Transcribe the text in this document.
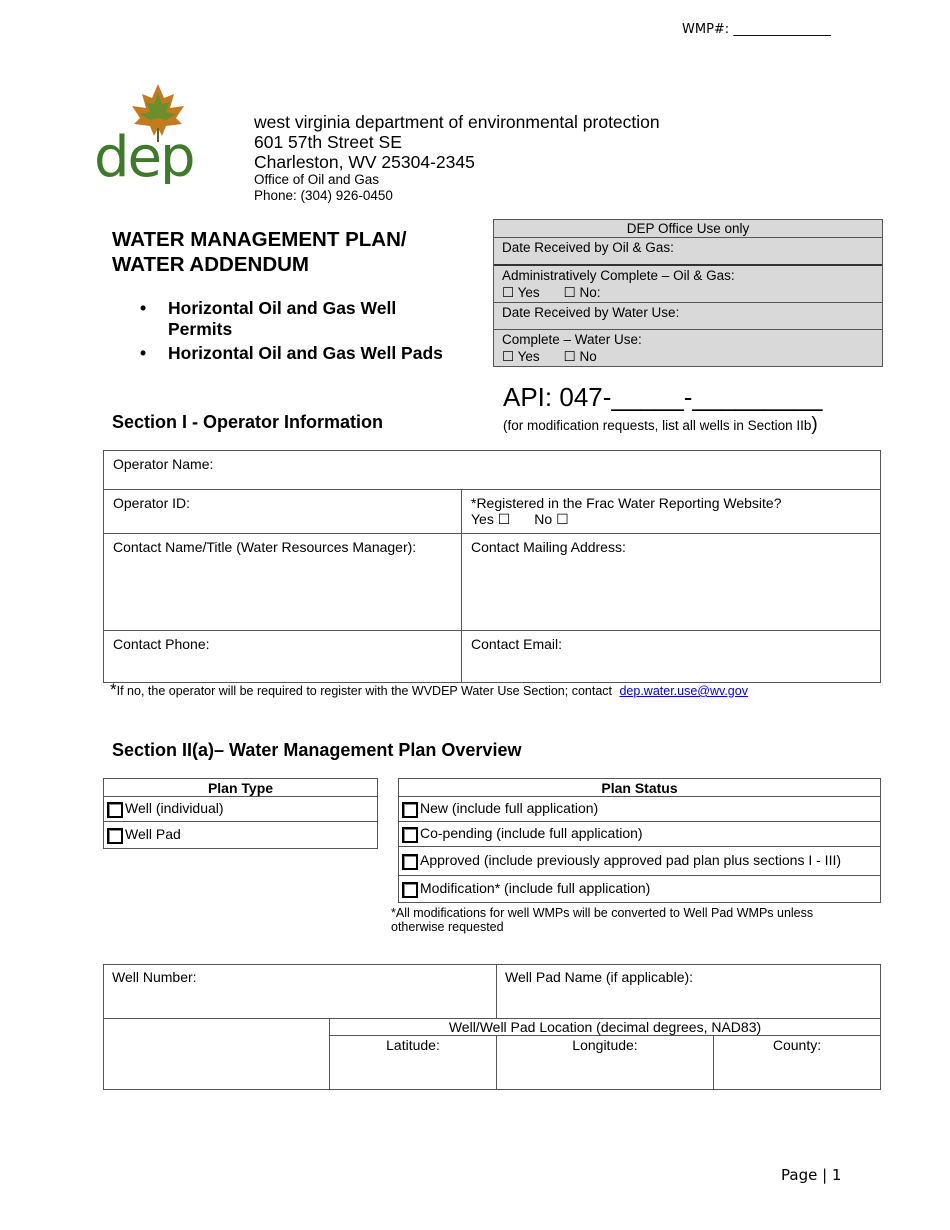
WMP#: _______________
dep
west virginia department of environmental protection
601 57th Street SE
Charleston, WV 25304-2345
Office of Oil and Gas
Phone: (304) 926-0450
WATER MANAGEMENT PLAN/
WATER ADDENDUM
• Horizontal Oil and Gas Well Permits
• Horizontal Oil and Gas Well Pads
DEP Office Use only
Date Received by Oil & Gas:
Administratively Complete – Oil & Gas:
☐ Yes ☐ No:
Date Received by Water Use:
Complete – Water Use:
☐ Yes ☐ No
API: 047-_____-_________
(for modification requests, list all wells in Section IIb)
Section I - Operator Information
Operator Name:	
Operator ID:	*Registered in the Frac Water Reporting Website?
Yes ☐ No ☐

Contact Name/Title (Water Resources Manager):	Contact Mailing Address:
Contact Phone:	Contact Email:
*If no, the operator will be required to register with the WVDEP Water Use Section; contact dep.water.use@wv.gov
Section II(a)– Water Management Plan Overview
Plan Type
Well (individual)
Well Pad
Plan Status
New (include full application)
Co-pending (include full application)
Approved (include previously approved pad plan plus sections I - III)
Modification* (include full application)
*All modifications for well WMPs will be converted to Well Pad WMPs unless otherwise requested
Well Number:		Well Pad Name (if applicable):	
	Well/Well Pad Location (decimal degrees, NAD83)		
	Latitude:	Longitude:	County:
Page | 1
